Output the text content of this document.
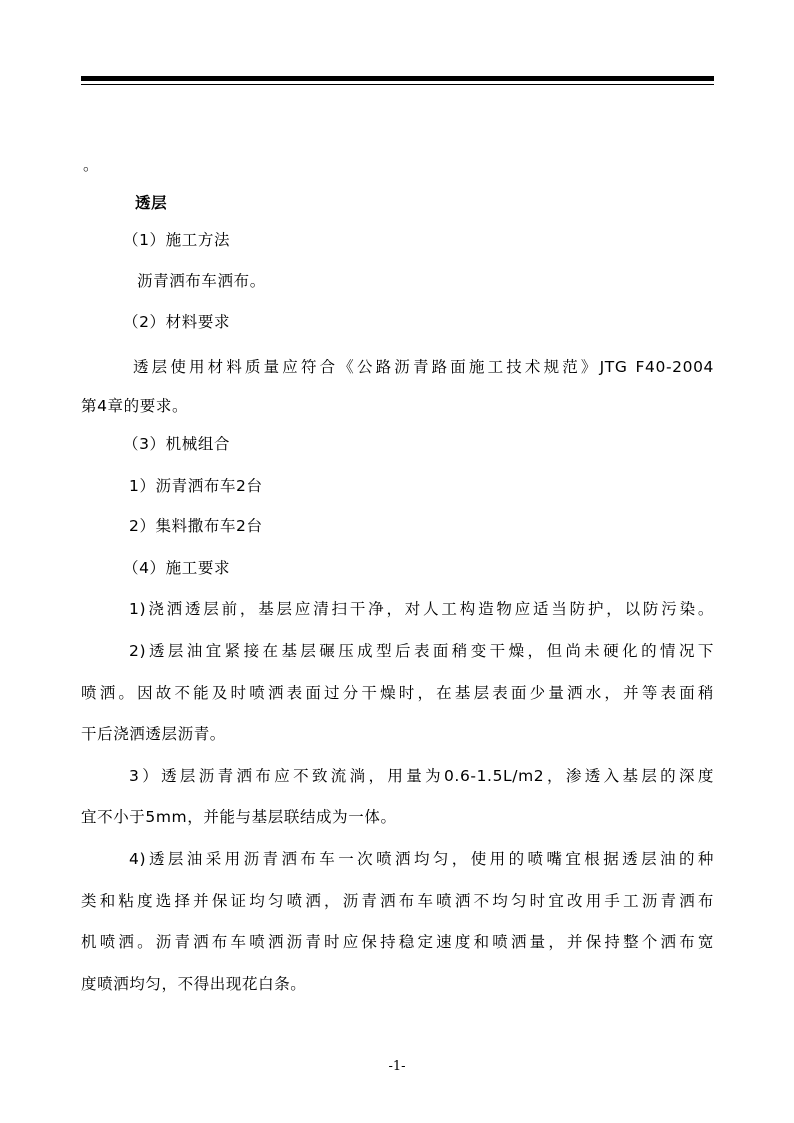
。
透层
（1）施工方法
沥青洒布车洒布。
（2）材料要求
透层使用材料质量应符合《公路沥青路面施工技术规范》JTG F40-2004
第4章的要求。
（3）机械组合
1）沥青洒布车2台
2）集料撒布车2台
（4）施工要求
1)浇洒透层前，基层应清扫干净，对人工构造物应适当防护，以防污染。
2)透层油宜紧接在基层碾压成型后表面稍变干燥，但尚未硬化的情况下
喷洒。因故不能及时喷洒表面过分干燥时，在基层表面少量洒水，并等表面稍
干后浇洒透层沥青。
3）透层沥青洒布应不致流淌，用量为0.6-1.5L/m2，渗透入基层的深度
宜不小于5mm，并能与基层联结成为一体。
4)透层油采用沥青洒布车一次喷洒均匀，使用的喷嘴宜根据透层油的种
类和粘度选择并保证均匀喷洒，沥青洒布车喷洒不均匀时宜改用手工沥青洒布
机喷洒。沥青洒布车喷洒沥青时应保持稳定速度和喷洒量，并保持整个洒布宽
度喷洒均匀，不得出现花白条。
-1-
